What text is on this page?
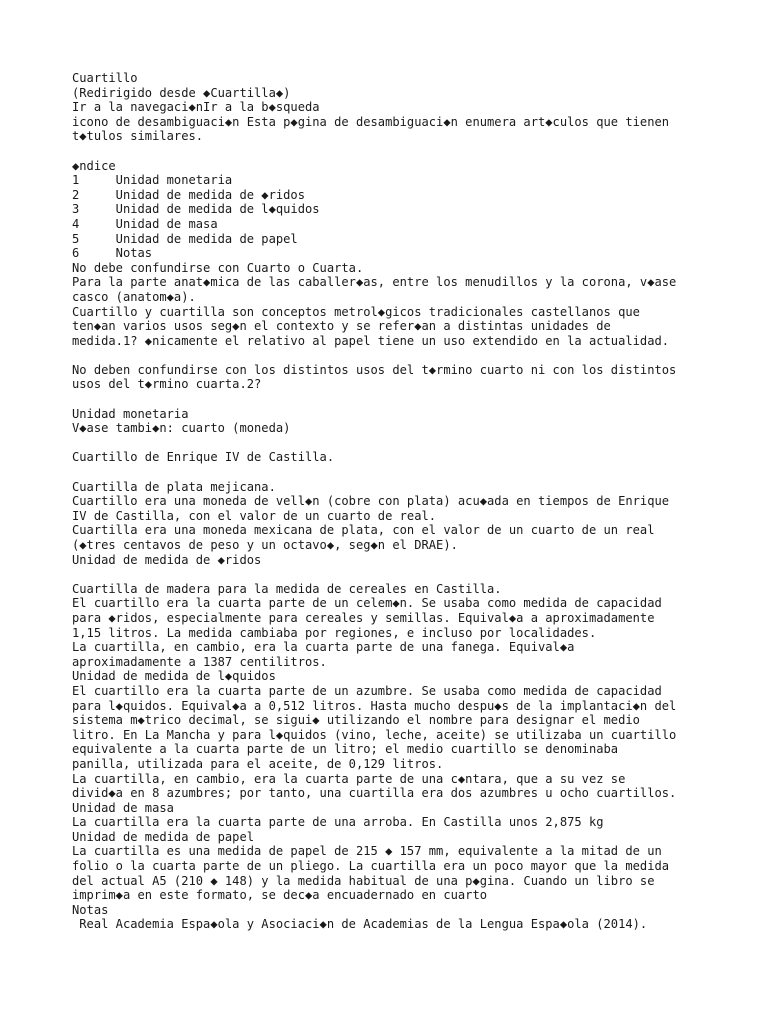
Cuartillo
(Redirigido desde ◆Cuartilla◆)
Ir a la navegaci◆nIr a la b◆squeda
icono de desambiguaci◆n Esta p◆gina de desambiguaci◆n enumera art◆culos que tienen
t◆tulos similares.
◆ndice
1     Unidad monetaria
2     Unidad de medida de ◆ridos
3     Unidad de medida de l◆quidos
4     Unidad de masa
5     Unidad de medida de papel
6     Notas
No debe confundirse con Cuarto o Cuarta.
Para la parte anat◆mica de las caballer◆as, entre los menudillos y la corona, v◆ase
casco (anatom◆a).
Cuartillo y cuartilla son conceptos metrol◆gicos tradicionales castellanos que
ten◆an varios usos seg◆n el contexto y se refer◆an a distintas unidades de
medida.1? ◆nicamente el relativo al papel tiene un uso extendido en la actualidad.
No deben confundirse con los distintos usos del t◆rmino cuarto ni con los distintos
usos del t◆rmino cuarta.2?
Unidad monetaria
V◆ase tambi◆n: cuarto (moneda)
Cuartillo de Enrique IV de Castilla.
Cuartilla de plata mejicana.
Cuartillo era una moneda de vell◆n (cobre con plata) acu◆ada en tiempos de Enrique
IV de Castilla, con el valor de un cuarto de real.
Cuartilla era una moneda mexicana de plata, con el valor de un cuarto de un real
(◆tres centavos de peso y un octavo◆, seg◆n el DRAE).
Unidad de medida de ◆ridos
Cuartilla de madera para la medida de cereales en Castilla.
El cuartillo era la cuarta parte de un celem◆n. Se usaba como medida de capacidad
para ◆ridos, especialmente para cereales y semillas. Equival◆a a aproximadamente
1,15 litros. La medida cambiaba por regiones, e incluso por localidades.
La cuartilla, en cambio, era la cuarta parte de una fanega. Equival◆a
aproximadamente a 1387 centilitros.
Unidad de medida de l◆quidos
El cuartillo era la cuarta parte de un azumbre. Se usaba como medida de capacidad
para l◆quidos. Equival◆a a 0,512 litros. Hasta mucho despu◆s de la implantaci◆n del
sistema m◆trico decimal, se sigui◆ utilizando el nombre para designar el medio
litro. En La Mancha y para l◆quidos (vino, leche, aceite) se utilizaba un cuartillo
equivalente a la cuarta parte de un litro; el medio cuartillo se denominaba
panilla, utilizada para el aceite, de 0,129 litros.
La cuartilla, en cambio, era la cuarta parte de una c◆ntara, que a su vez se
divid◆a en 8 azumbres; por tanto, una cuartilla era dos azumbres u ocho cuartillos.
Unidad de masa
La cuartilla era la cuarta parte de una arroba. En Castilla unos 2,875 kg
Unidad de medida de papel
La cuartilla es una medida de papel de 215 ◆ 157 mm, equivalente a la mitad de un
folio o la cuarta parte de un pliego. La cuartilla era un poco mayor que la medida
del actual A5 (210 ◆ 148) y la medida habitual de una p◆gina. Cuando un libro se
imprim◆a en este formato, se dec◆a encuadernado en cuarto
Notas
Real Academia Espa◆ola y Asociaci◆n de Academias de la Lengua Espa◆ola (2014).
